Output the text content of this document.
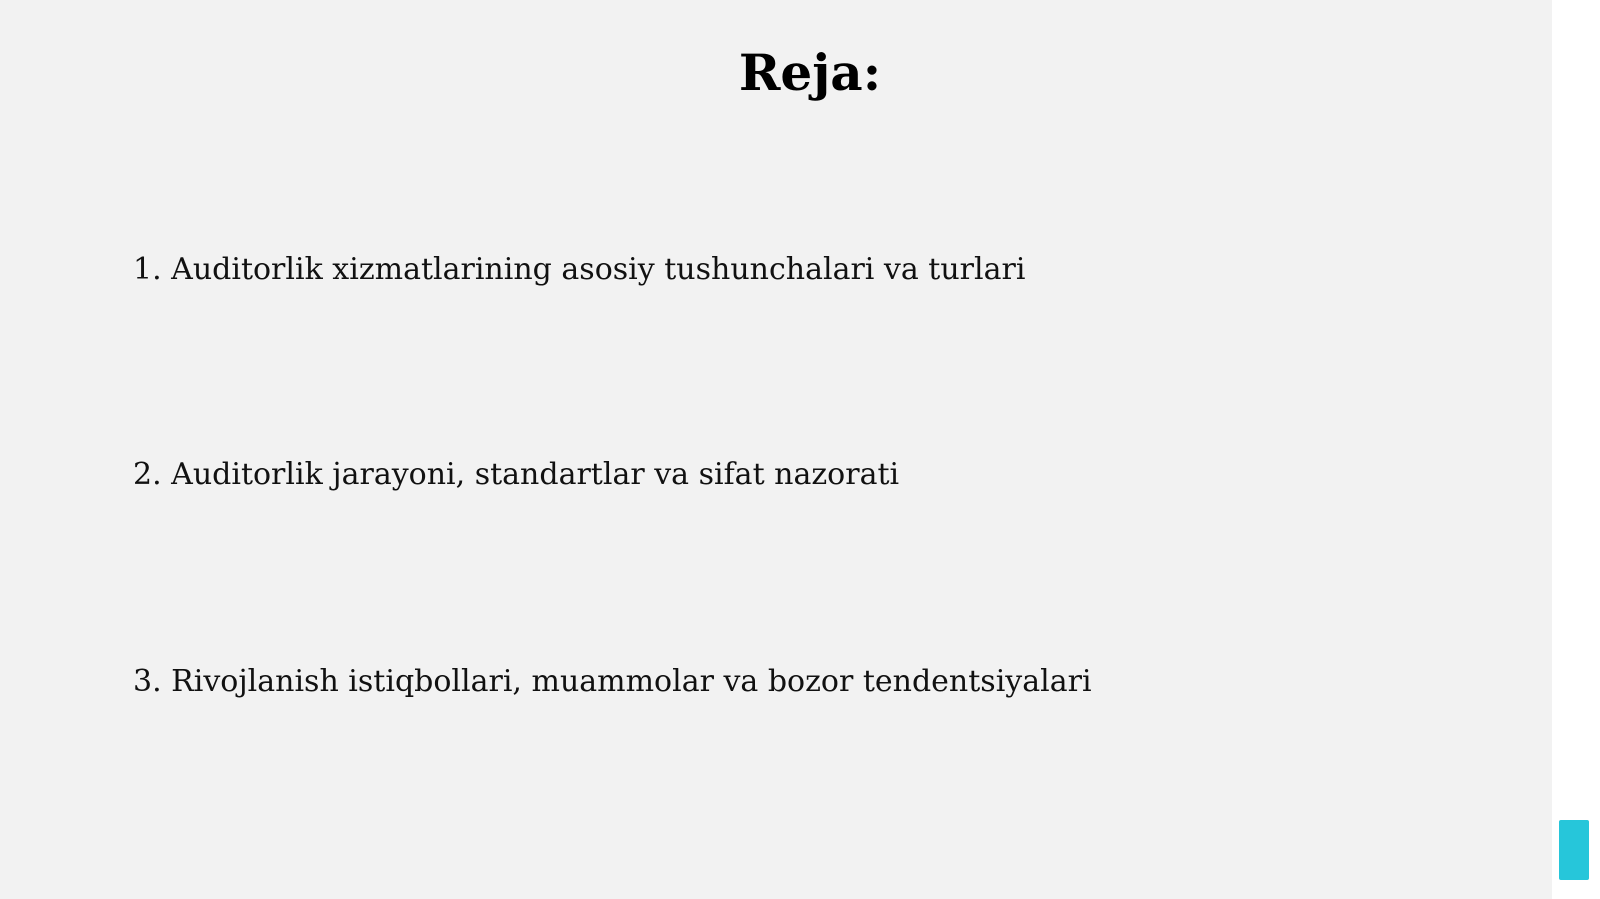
Reja:

1. Auditorlik xizmatlarining asosiy tushunchalari va turlari

2. Auditorlik jarayoni, standartlar va sifat nazorati

3. Rivojlanish istiqbollari, muammolar va bozor tendentsiyalari
